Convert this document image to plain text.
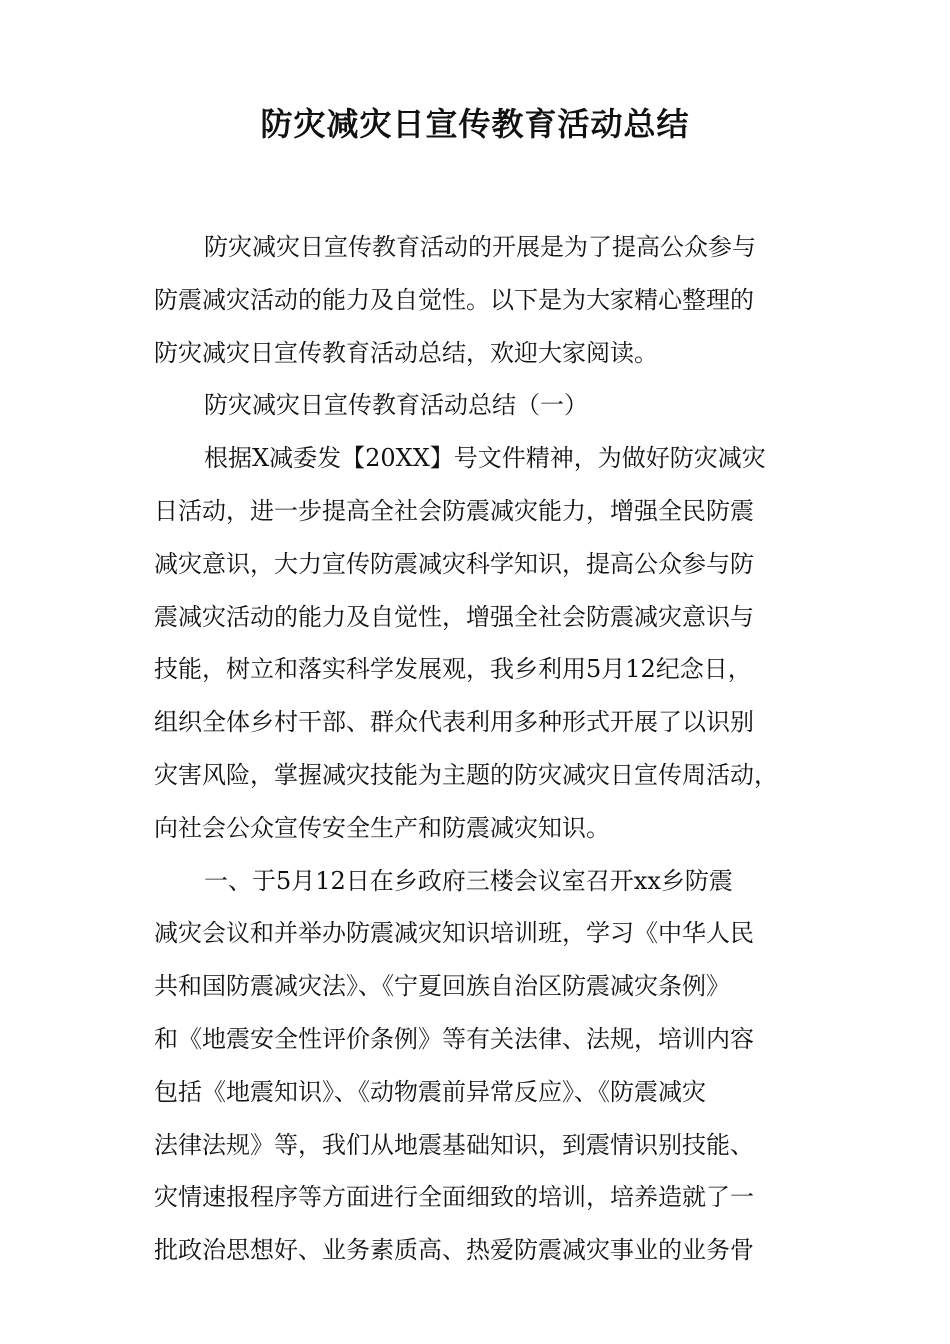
防灾减灾日宣传教育活动总结
防灾减灾日宣传教育活动的开展是为了提高公众参与
防震减灾活动的能力及自觉性。以下是为大家精心整理的
防灾减灾日宣传教育活动总结，欢迎大家阅读。
防灾减灾日宣传教育活动总结（一）
根据X减委发【20XX】号文件精神，为做好防灾减灾
日活动，进一步提高全社会防震减灾能力，增强全民防震
减灾意识，大力宣传防震减灾科学知识，提高公众参与防
震减灾活动的能力及自觉性，增强全社会防震减灾意识与
技能，树立和落实科学发展观，我乡利用5月12纪念日，
组织全体乡村干部、群众代表利用多种形式开展了以识别
灾害风险，掌握减灾技能为主题的防灾减灾日宣传周活动，
向社会公众宣传安全生产和防震减灾知识。
一、于5月12日在乡政府三楼会议室召开xx乡防震
减灾会议和并举办防震减灾知识培训班，学习《中华人民
共和国防震减灾法》、《宁夏回族自治区防震减灾条例》
和《地震安全性评价条例》等有关法律、法规，培训内容
包括《地震知识》、《动物震前异常反应》、《防震减灾
法律法规》等，我们从地震基础知识，到震情识别技能、
灾情速报程序等方面进行全面细致的培训，培养造就了一
批政治思想好、业务素质高、热爱防震减灾事业的业务骨
